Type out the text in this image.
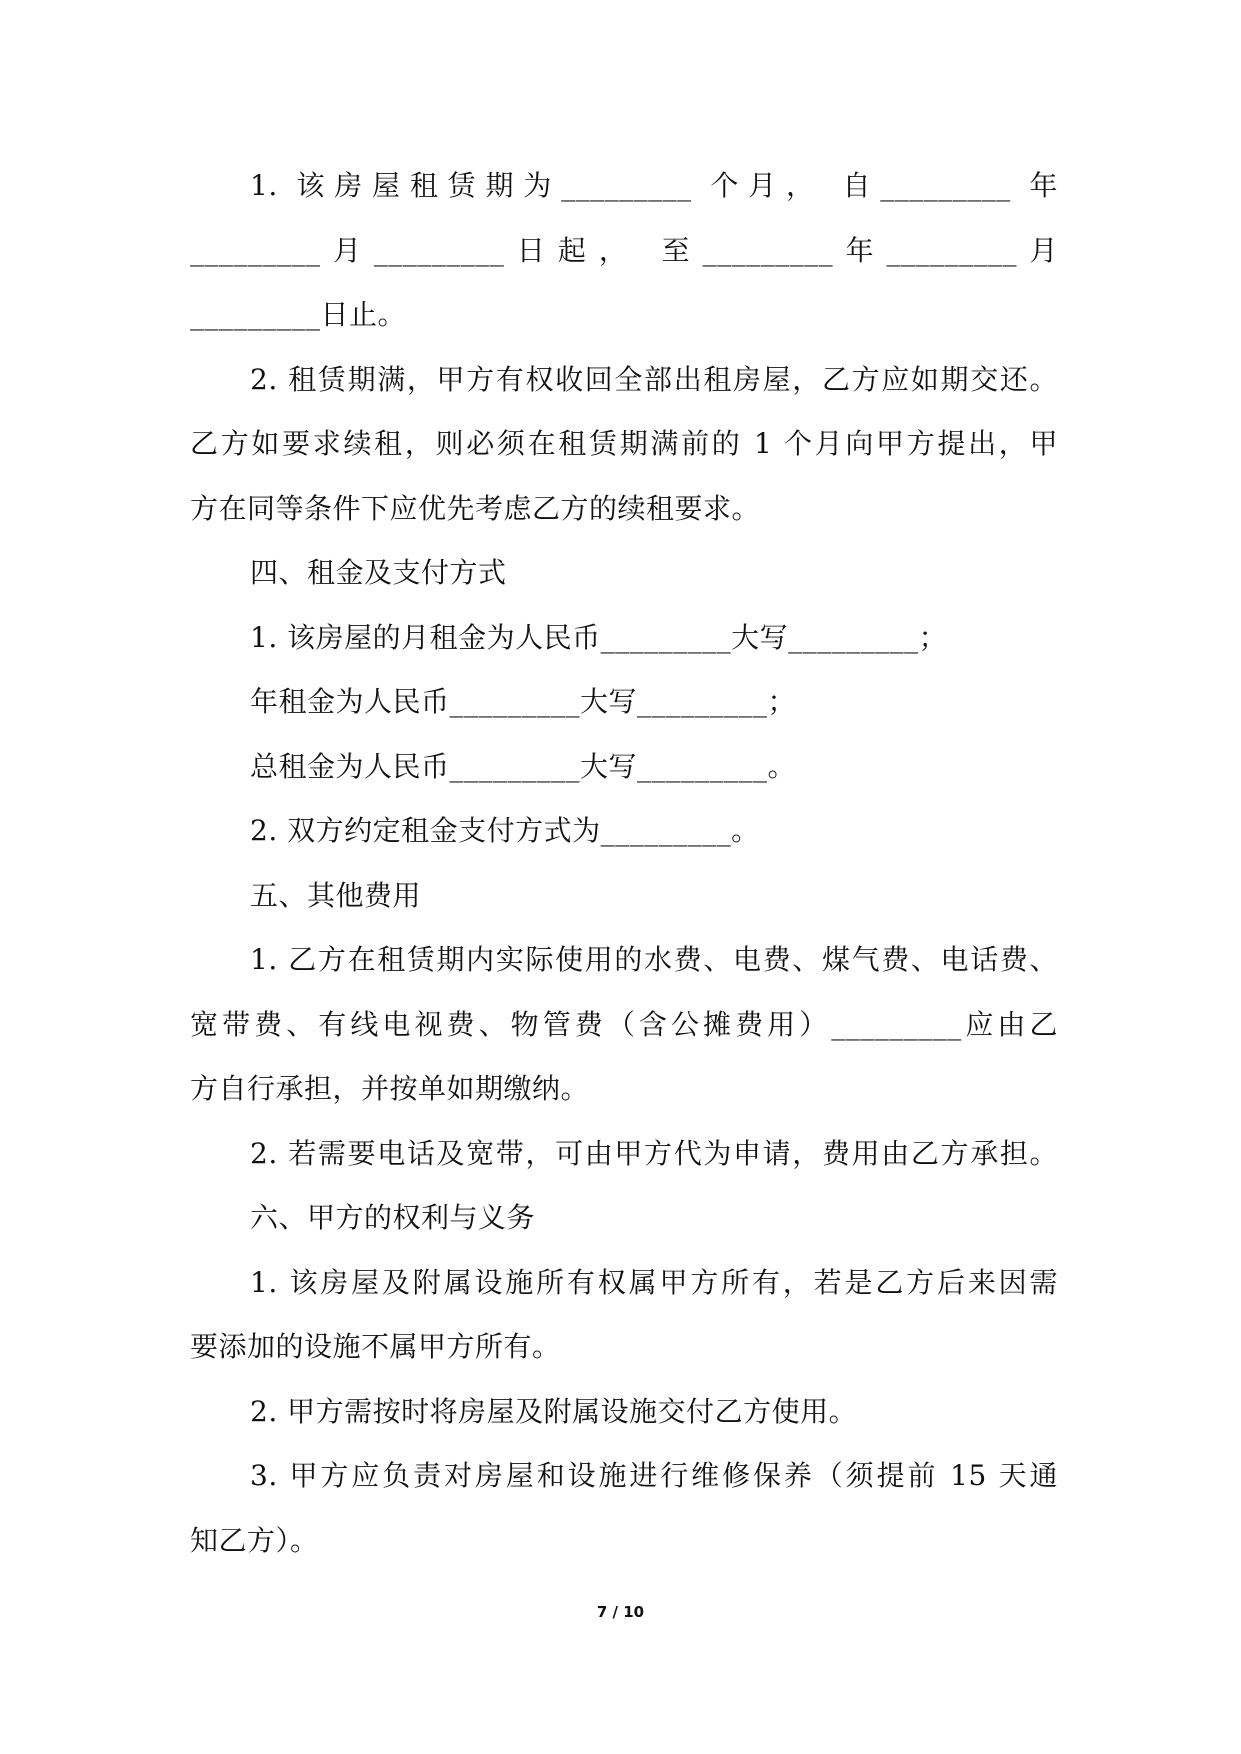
1. 该房屋租赁期为_________ 个月， 自_________ 年
_________月_________日起， 至_________年_________月
_________日止。
2. 租赁期满，甲方有权收回全部出租房屋，乙方应如期交还。
乙方如要求续租，则必须在租赁期满前的 1 个月向甲方提出，甲
方在同等条件下应优先考虑乙方的续租要求。
四、租金及支付方式
1. 该房屋的月租金为人民币_________大写_________；
年租金为人民币_________大写_________；
总租金为人民币_________大写_________。
2. 双方约定租金支付方式为_________。
五、其他费用
1. 乙方在租赁期内实际使用的水费、电费、煤气费、电话费、
宽带费、有线电视费、物管费（含公摊费用）_________应由乙
方自行承担，并按单如期缴纳。
2. 若需要电话及宽带，可由甲方代为申请，费用由乙方承担。
六、甲方的权利与义务
1. 该房屋及附属设施所有权属甲方所有，若是乙方后来因需
要添加的设施不属甲方所有。
2. 甲方需按时将房屋及附属设施交付乙方使用。
3. 甲方应负责对房屋和设施进行维修保养（须提前 15 天通
知乙方）。
7 / 10
